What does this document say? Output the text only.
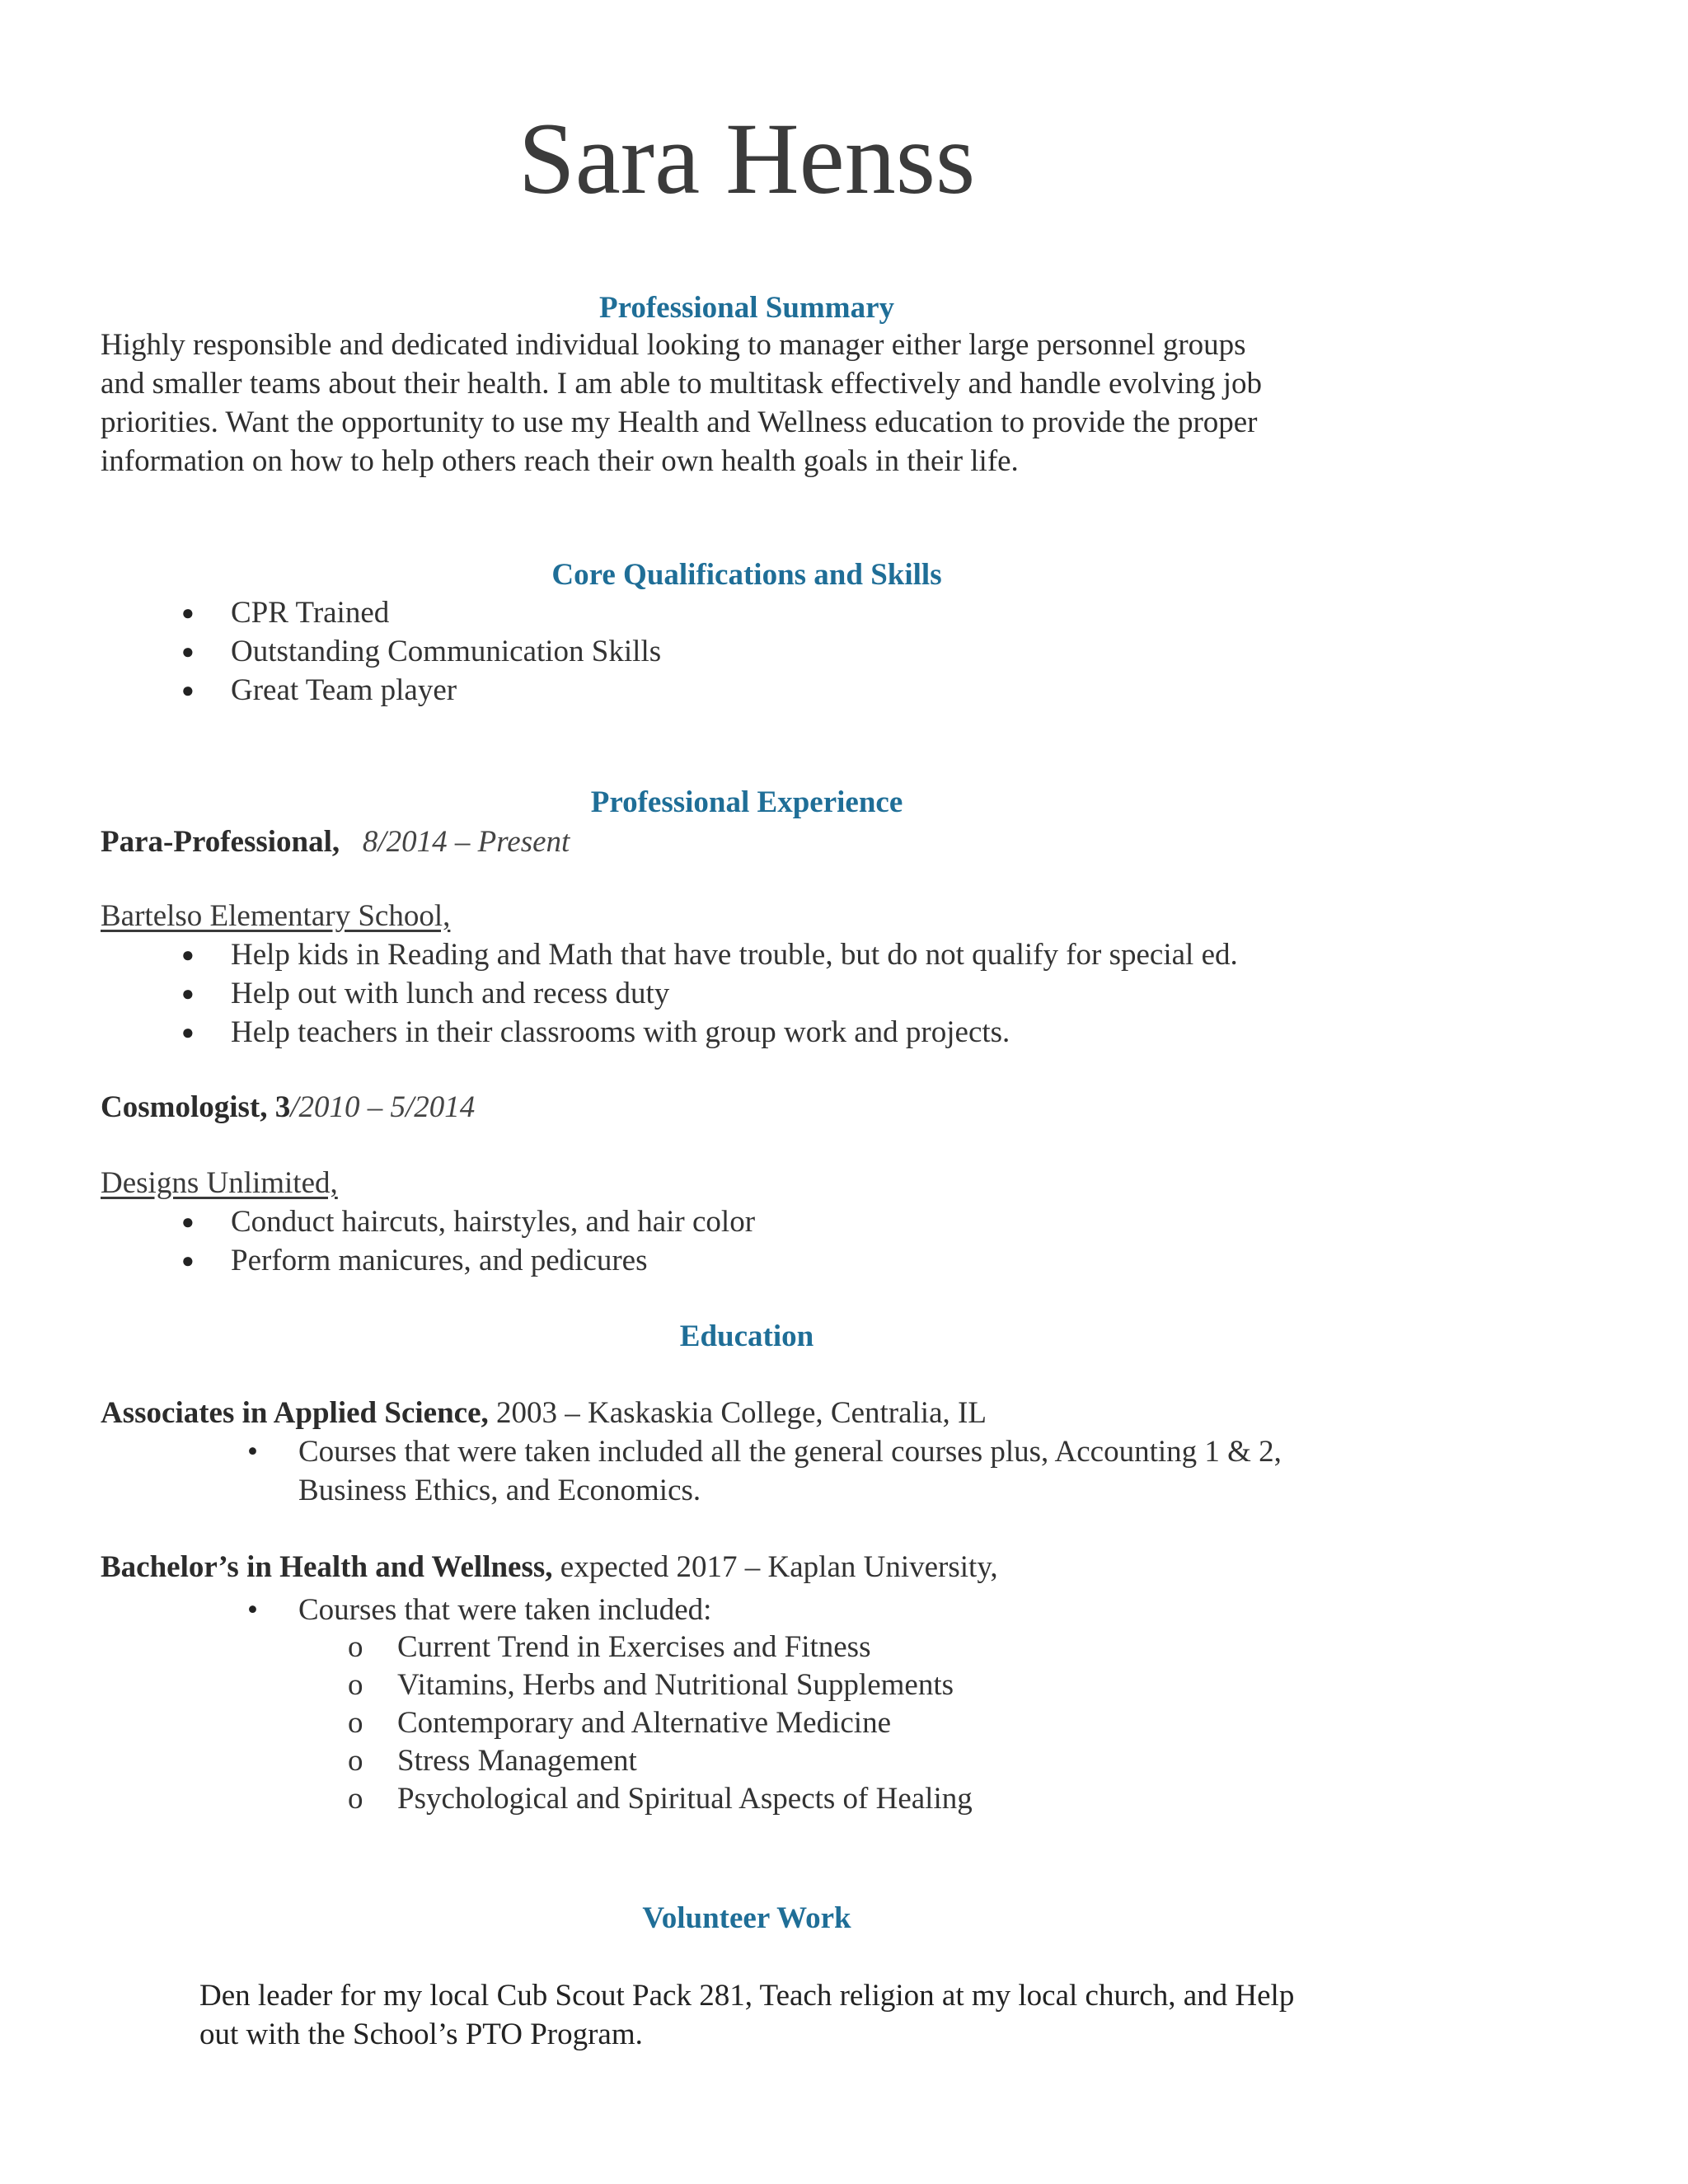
Sara Henss
Professional Summary
Highly responsible and dedicated individual looking to manager either large personnel groups
and smaller teams about their health. I am able to multitask effectively and handle evolving job
priorities. Want the opportunity to use my Health and Wellness education to provide the proper
information on how to help others reach their own health goals in their life.
Core Qualifications and Skills
● CPR Trained
● Outstanding Communication Skills
● Great Team player
Professional Experience
Para-Professional, 8/2014 – Present
Bartelso Elementary School,
● Help kids in Reading and Math that have trouble, but do not qualify for special ed.
● Help out with lunch and recess duty
● Help teachers in their classrooms with group work and projects.
Cosmologist, 3/2010 – 5/2014
Designs Unlimited,
● Conduct haircuts, hairstyles, and hair color
● Perform manicures, and pedicures
Education
Associates in Applied Science, 2003 – Kaskaskia College, Centralia, IL
• Courses that were taken included all the general courses plus, Accounting 1 & 2,
Business Ethics, and Economics.
Bachelor’s in Health and Wellness, expected 2017 – Kaplan University,
• Courses that were taken included:
o Current Trend in Exercises and Fitness
o Vitamins, Herbs and Nutritional Supplements
o Contemporary and Alternative Medicine
o Stress Management
o Psychological and Spiritual Aspects of Healing
Volunteer Work
Den leader for my local Cub Scout Pack 281, Teach religion at my local church, and Help
out with the School’s PTO Program.
